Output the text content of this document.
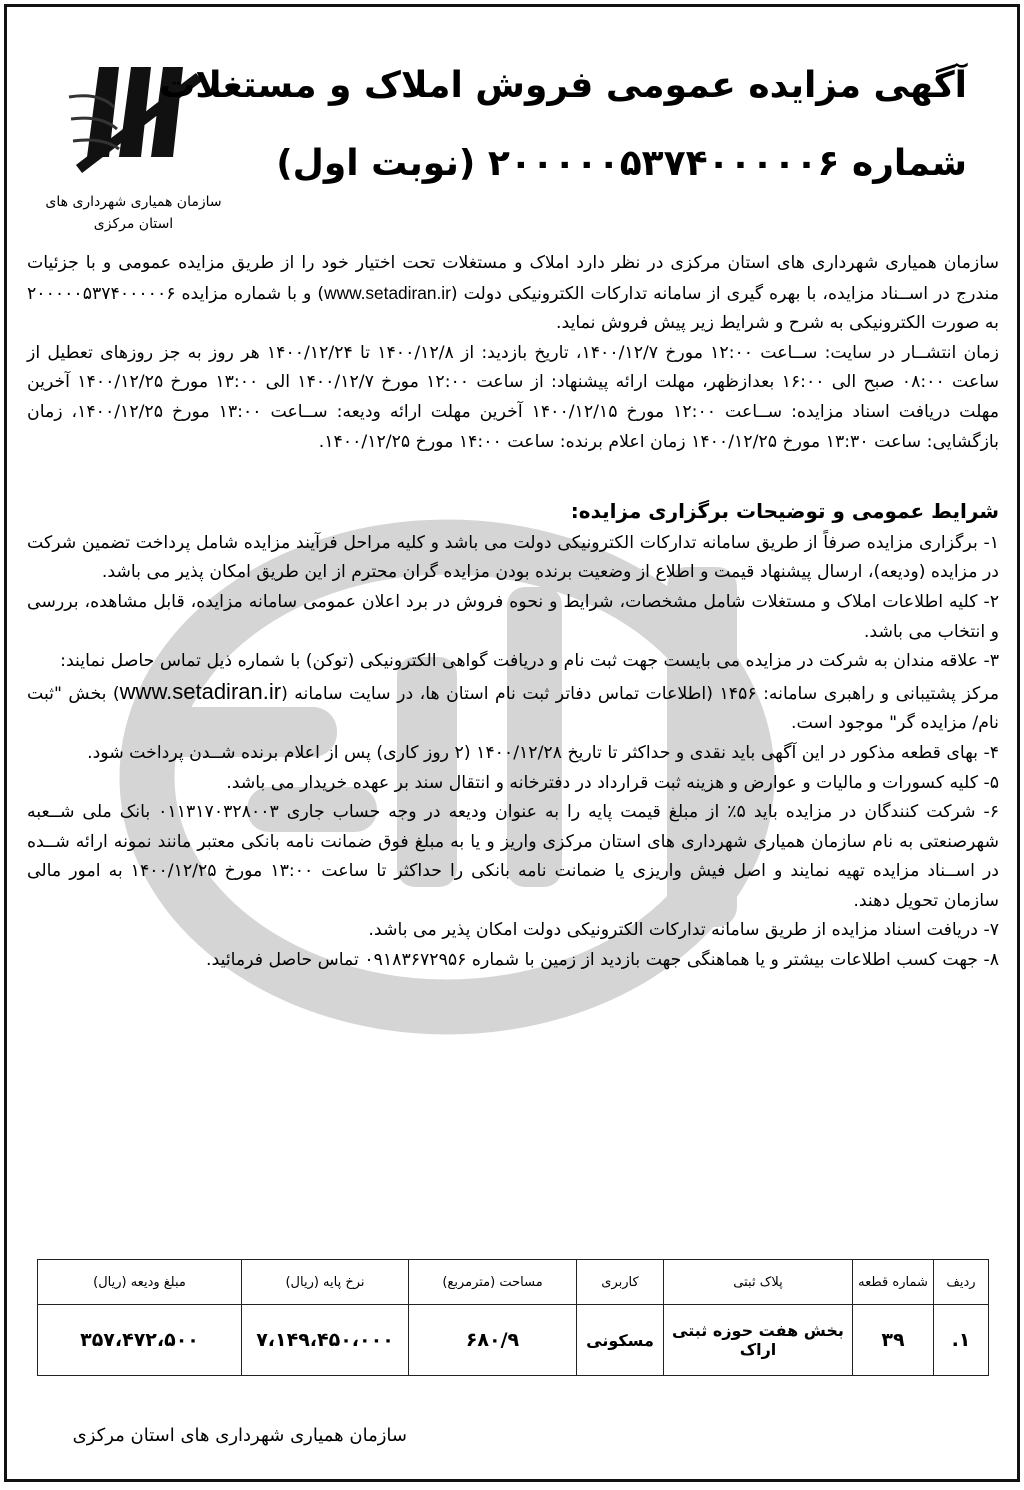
سازمان همیاری شهرداری های
استان مرکزی

آگهی مزایده عمومی فروش املاک و مستغلات

شماره ۲۰۰۰۰۰۵۳۷۴۰۰۰۰۰۶ (نوبت اول)

سازمان همیاری شهرداری های استان مرکزی در نظر دارد املاک و مستغلات تحت اختیار خود را از طریق مزایده عمومی و با جزئیات مندرج در اســناد مزایده، با بهره گیری از سامانه تدارکات الکترونیکی دولت (www.setadiran.ir) و با شماره مزایده ۲۰۰۰۰۰۵۳۷۴۰۰۰۰۰۶ به صورت الکترونیکی به شرح و شرایط زیر پیش فروش نماید.

زمان انتشــار در سایت: ســاعت ۱۲:۰۰ مورخ ۱۴۰۰/۱۲/۷، تاریخ بازدید: از ۱۴۰۰/۱۲/۸ تا ۱۴۰۰/۱۲/۲۴ هر روز به جز روزهای تعطیل از ساعت ۰۸:۰۰ صبح الی ۱۶:۰۰ بعدازظهر، مهلت ارائه پیشنهاد: از ساعت ۱۲:۰۰ مورخ ۱۴۰۰/۱۲/۷ الی ۱۳:۰۰ مورخ ۱۴۰۰/۱۲/۲۵ آخرین مهلت دریافت اسناد مزایده: ســاعت ۱۲:۰۰ مورخ ۱۴۰۰/۱۲/۱۵ آخرین مهلت ارائه ودیعه: ســاعت ۱۳:۰۰ مورخ ۱۴۰۰/۱۲/۲۵، زمان بازگشایی: ساعت ۱۳:۳۰ مورخ ۱۴۰۰/۱۲/۲۵ زمان اعلام برنده: ساعت ۱۴:۰۰ مورخ ۱۴۰۰/۱۲/۲۵.

شرایط عمومی و توضیحات برگزاری مزایده:

۱- برگزاری مزایده صرفاً از طریق سامانه تدارکات الکترونیکی دولت می باشد و کلیه مراحل فرآیند مزایده شامل پرداخت تضمین شرکت در مزایده (ودیعه)، ارسال پیشنهاد قیمت و اطلاع از وضعیت برنده بودن مزایده گران محترم از این طریق امکان پذیر می باشد.

۲- کلیه اطلاعات املاک و مستغلات شامل مشخصات، شرایط و نحوه فروش در برد اعلان عمومی سامانه مزایده، قابل مشاهده، بررسی و انتخاب می باشد.

۳- علاقه مندان به شرکت در مزایده می بایست جهت ثبت نام و دریافت گواهی الکترونیکی (توکن) با شماره ذیل تماس حاصل نمایند:

مرکز پشتیبانی و راهبری سامانه: ۱۴۵۶ (اطلاعات تماس دفاتر ثبت نام استان ها، در سایت سامانه (www.setadiran.ir) بخش "ثبت نام/ مزایده گر" موجود است.

۴- بهای قطعه مذکور در این آگهی باید نقدی و حداکثر تا تاریخ ۱۴۰۰/۱۲/۲۸ (۲ روز کاری) پس از اعلام برنده شــدن پرداخت شود.

۵- کلیه کسورات و مالیات و عوارض و هزینه ثبت قرارداد در دفترخانه و انتقال سند بر عهده خریدار می باشد.

۶- شرکت کنندگان در مزایده باید ۵٪ از مبلغ قیمت پایه را به عنوان ودیعه در وجه حساب جاری ۰۱۱۳۱۷۰۳۲۸۰۰۳ بانک ملی شــعبه شهرصنعتی به نام سازمان همیاری شهرداری های استان مرکزی واریز و یا به مبلغ فوق ضمانت نامه بانکی معتبر مانند نمونه ارائه شــده در اســناد مزایده تهیه نمایند و اصل فیش واریزی یا ضمانت نامه بانکی را حداکثر تا ساعت ۱۳:۰۰ مورخ ۱۴۰۰/۱۲/۲۵ به امور مالی سازمان تحویل دهند.

۷- دریافت اسناد مزایده از طریق سامانه تدارکات الکترونیکی دولت امکان پذیر می باشد.

۸- جهت کسب اطلاعات بیشتر و یا هماهنگی جهت بازدید از زمین با شماره ۰۹۱۸۳۶۷۲۹۵۶ تماس حاصل فرمائید.

ردیف	شماره قطعه	پلاک ثبتی	کاربری	مساحت (مترمربع)	نرخ پایه (ریال)	مبلغ ودیعه (ریال)
۱.	۳۹	بخش هفت حوزه ثبتی اراک	مسکونی	۶۸۰/۹	۷،۱۴۹،۴۵۰،۰۰۰	۳۵۷،۴۷۲،۵۰۰
سازمان همیاری شهرداری های استان مرکزی
